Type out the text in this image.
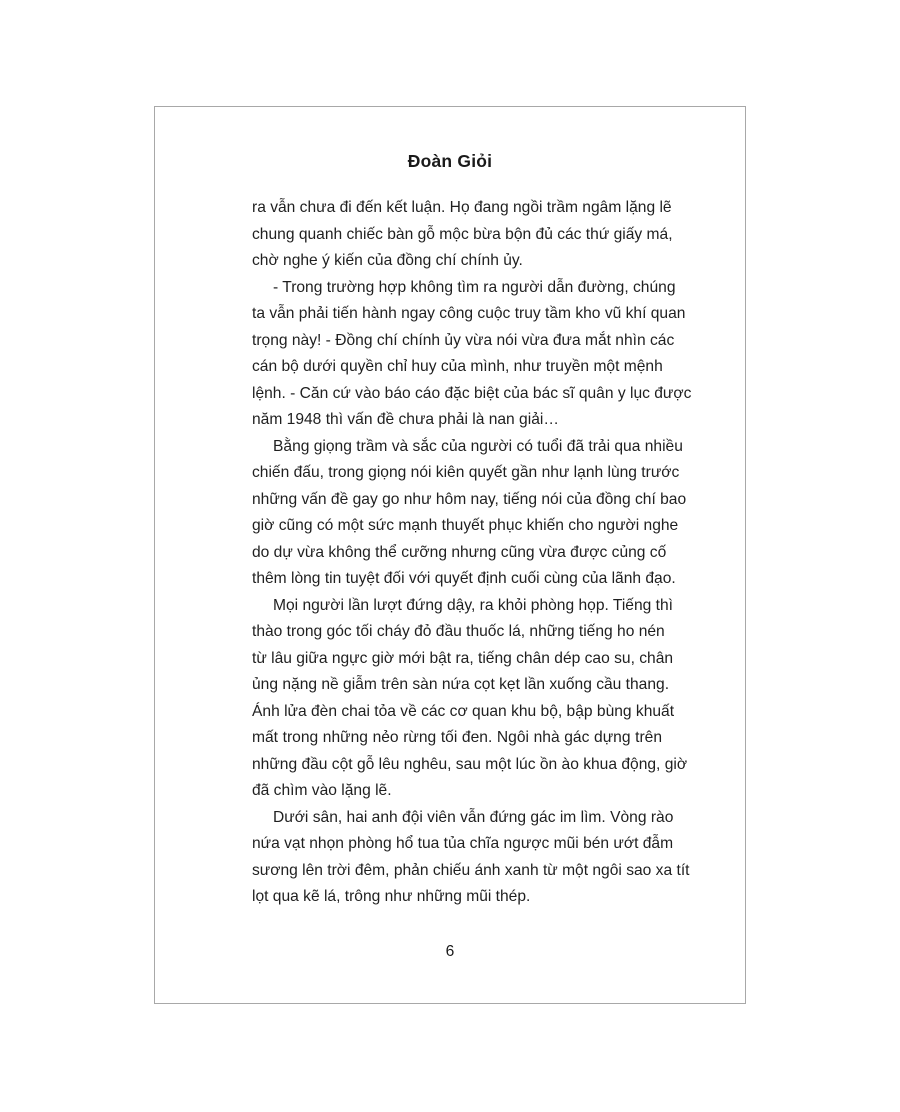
Đoàn Giỏi
ra vẫn chưa đi đến kết luận. Họ đang ngồi trầm ngâm lặng lẽ
chung quanh chiếc bàn gỗ mộc bừa bộn đủ các thứ giấy má,
chờ nghe ý kiến của đồng chí chính ủy.
- Trong trường hợp không tìm ra người dẫn đường, chúng
ta vẫn phải tiến hành ngay công cuộc truy tầm kho vũ khí quan
trọng này! - Đồng chí chính ủy vừa nói vừa đưa mắt nhìn các
cán bộ dưới quyền chỉ huy của mình, như truyền một mệnh
lệnh. - Căn cứ vào báo cáo đặc biệt của bác sĩ quân y lục được
năm 1948 thì vấn đề chưa phải là nan giải…
Bằng giọng trầm và sắc của người có tuổi đã trải qua nhiều
chiến đấu, trong giọng nói kiên quyết gần như lạnh lùng trước
những vấn đề gay go như hôm nay, tiếng nói của đồng chí bao
giờ cũng có một sức mạnh thuyết phục khiến cho người nghe
do dự vừa không thể cưỡng nhưng cũng vừa được củng cố
thêm lòng tin tuyệt đối với quyết định cuối cùng của lãnh đạo.
Mọi người lần lượt đứng dậy, ra khỏi phòng họp. Tiếng thì
thào trong góc tối cháy đỏ đầu thuốc lá, những tiếng ho nén
từ lâu giữa ngực giờ mới bật ra, tiếng chân dép cao su, chân
ủng nặng nề giẫm trên sàn nứa cọt kẹt lần xuống cầu thang.
Ánh lửa đèn chai tỏa về các cơ quan khu bộ, bập bùng khuất
mất trong những nẻo rừng tối đen. Ngôi nhà gác dựng trên
những đầu cột gỗ lêu nghêu, sau một lúc ồn ào khua động, giờ
đã chìm vào lặng lẽ.
Dưới sân, hai anh đội viên vẫn đứng gác im lìm. Vòng rào
nứa vạt nhọn phòng hổ tua tủa chĩa ngược mũi bén ướt đẫm
sương lên trời đêm, phản chiếu ánh xanh từ một ngôi sao xa tít
lọt qua kẽ lá, trông như những mũi thép.
6
